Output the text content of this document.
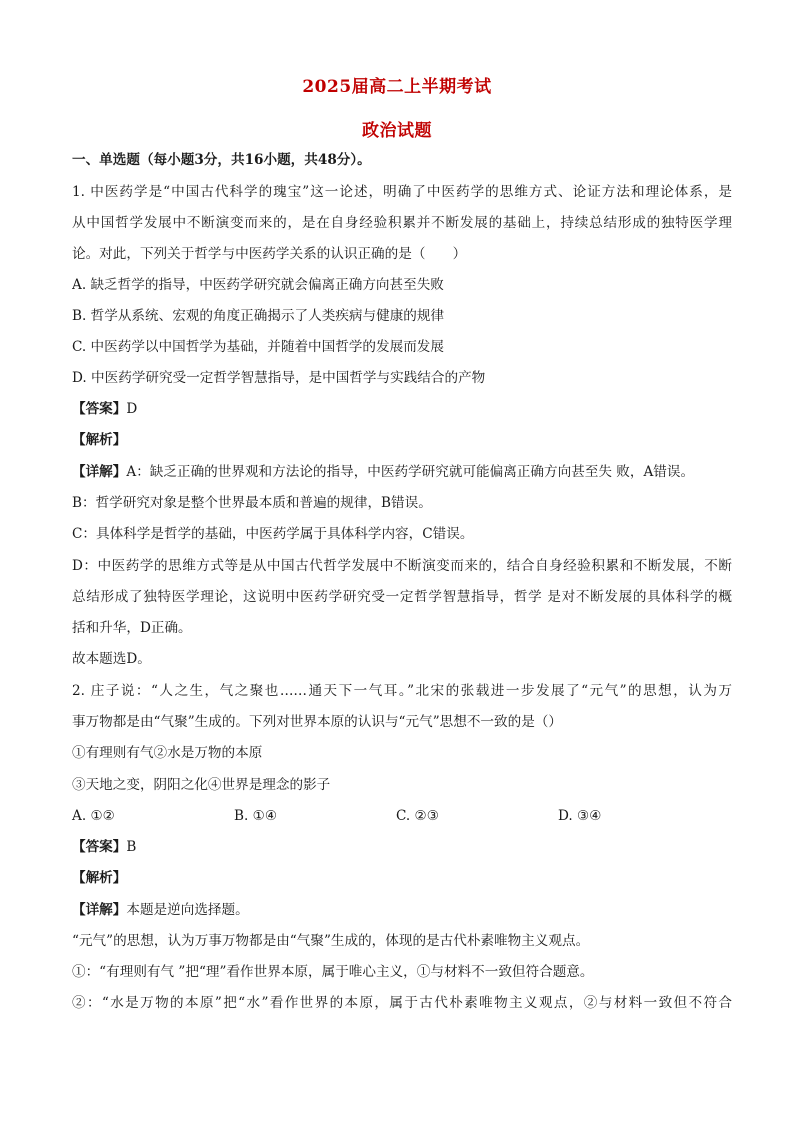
2025届高二上半期考试
政治试题
一、单选题（每小题3分，共16小题，共48分）。
1. 中医药学是“中国古代科学的瑰宝”这一论述，明确了中医药学的思维方式、论证方法和理论体系，是
从中国哲学发展中不断演变而来的，是在自身经验积累并不断发展的基础上，持续总结形成的独特医学理
论。对此，下列关于哲学与中医药学关系的认识正确的是（　　）
A. 缺乏哲学的指导，中医药学研究就会偏离正确方向甚至失败
B. 哲学从系统、宏观的角度正确揭示了人类疾病与健康的规律
C. 中医药学以中国哲学为基础，并随着中国哲学的发展而发展
D. 中医药学研究受一定哲学智慧指导，是中国哲学与实践结合的产物
【答案】D
【解析】
【详解】A：缺乏正确的世界观和方法论的指导，中医药学研究就可能偏离正确方向甚至失 败，A错误。
B：哲学研究对象是整个世界最本质和普遍的规律，B错误。
C：具体科学是哲学的基础，中医药学属于具体科学内容，C错误。
D：中医药学的思维方式等是从中国古代哲学发展中不断演变而来的，结合自身经验积累和不断发展，不断
总结形成了独特医学理论，这说明中医药学研究受一定哲学智慧指导，哲学 是对不断发展的具体科学的概
括和升华，D正确。
故本题选D。
2. 庄子说：“人之生，气之聚也……通天下一气耳。”北宋的张载进一步发展了“元气”的思想，认为万
事万物都是由“气聚”生成的。下列对世界本原的认识与“元气”思想不一致的是（）
①有理则有气②水是万物的本原
③天地之变，阴阳之化④世界是理念的影子
A. ①②	B. ①④	C. ②③	D. ③④
【答案】B
【解析】
【详解】本题是逆向选择题。
“元气”的思想，认为万事万物都是由“气聚”生成的，体现的是古代朴素唯物主义观点。
①：“有理则有气 ”把“理”看作世界本原，属于唯心主义，①与材料不一致但符合题意。
②：“水是万物的本原”把“水”看作世界的本原，属于古代朴素唯物主义观点，②与材料一致但不符合
